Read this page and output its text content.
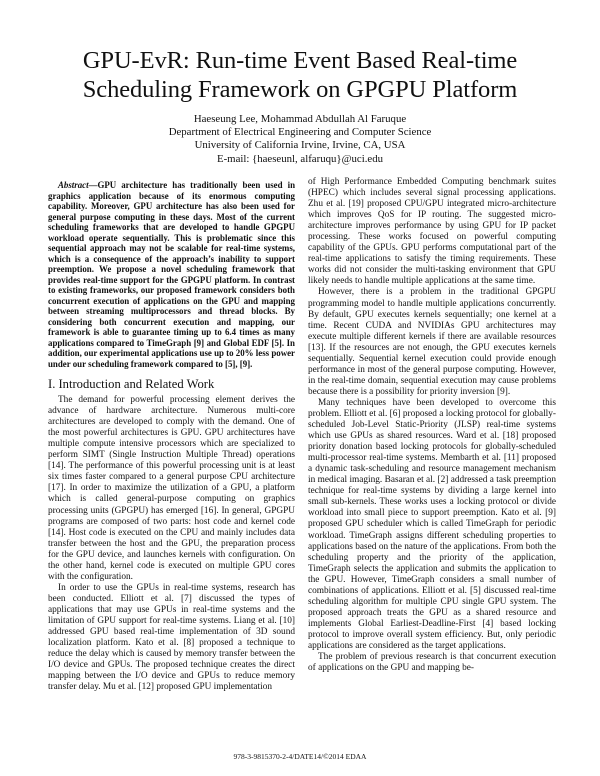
GPU-EvR: Run-time Event Based Real-time
Scheduling Framework on GPGPU Platform
Haeseung Lee, Mohammad Abdullah Al Faruque
Department of Electrical Engineering and Computer Science
University of California Irvine, Irvine, CA, USA
E-mail: {haeseunl, alfaruqu}@uci.edu

Abstract—GPU architecture has traditionally been used in graphics application because of its enormous computing capability. Moreover, GPU architecture has also been used for general purpose computing in these days. Most of the current scheduling frameworks that are developed to handle GPGPU workload operate sequentially. This is problematic since this sequential approach may not be scalable for real-time systems, which is a consequence of the approach’s inability to support preemption. We propose a novel scheduling framework that provides real-time support for the GPGPU platform. In contrast to existing frameworks, our proposed framework considers both concurrent execution of applications on the GPU and mapping between streaming multiprocessors and thread blocks. By considering both concurrent execution and mapping, our framework is able to guarantee timing up to 6.4 times as many applications compared to TimeGraph [9] and Global EDF [5]. In addition, our experimental applications use up to 20% less power under our scheduling framework compared to [5], [9].

I. Introduction and Related Work

The demand for powerful processing element derives the advance of hardware architecture. Numerous multi-core architectures are developed to comply with the demand. One of the most powerful architectures is GPU. GPU architectures have multiple compute intensive processors which are specialized to perform SIMT (Single Instruction Multiple Thread) operations [14]. The performance of this powerful processing unit is at least six times faster compared to a general purpose CPU architecture [17]. In order to maximize the utilization of a GPU, a platform which is called general-purpose computing on graphics processing units (GPGPU) has emerged [16]. In general, GPGPU programs are composed of two parts: host code and kernel code [14]. Host code is executed on the CPU and mainly includes data transfer between the host and the GPU, the preparation process for the GPU device, and launches kernels with configuration. On the other hand, kernel code is executed on multiple GPU cores with the configuration.

In order to use the GPUs in real-time systems, research has been conducted. Elliott et al. [7] discussed the types of applications that may use GPUs in real-time systems and the limitation of GPU support for real-time systems. Liang et al. [10] addressed GPU based real-time implementation of 3D sound localization platform. Kato et al. [8] proposed a technique to reduce the delay which is caused by memory transfer between the I/O device and GPUs. The proposed technique creates the direct mapping between the I/O device and GPUs to reduce memory transfer delay. Mu et al. [12] proposed GPU implementation

of High Performance Embedded Computing benchmark suites (HPEC) which includes several signal processing applications. Zhu et al. [19] proposed CPU/GPU integrated micro-architecture which improves QoS for IP routing. The suggested micro-architecture improves performance by using GPU for IP packet processing. These works focused on powerful computing capability of the GPUs. GPU performs computational part of the real-time applications to satisfy the timing requirements. These works did not consider the multi-tasking environment that GPU likely needs to handle multiple applications at the same time.

However, there is a problem in the traditional GPGPU programming model to handle multiple applications concurrently. By default, GPU executes kernels sequentially; one kernel at a time. Recent CUDA and NVIDIAs GPU architectures may execute multiple different kernels if there are available resources [13]. If the resources are not enough, the GPU executes kernels sequentially. Sequential kernel execution could provide enough performance in most of the general purpose computing. However, in the real-time domain, sequential execution may cause problems because there is a possibility for priority inversion [9].

Many techniques have been developed to overcome this problem. Elliott et al. [6] proposed a locking protocol for globally-scheduled Job-Level Static-Priority (JLSP) real-time systems which use GPUs as shared resources. Ward et al. [18] proposed priority donation based locking protocols for globally-scheduled multi-processor real-time systems. Membarth et al. [11] proposed a dynamic task-scheduling and resource management mechanism in medical imaging. Basaran et al. [2] addressed a task preemption technique for real-time systems by dividing a large kernel into small sub-kernels. These works uses a locking protocol or divide workload into small piece to support preemption. Kato et al. [9] proposed GPU scheduler which is called TimeGraph for periodic workload. TimeGraph assigns different scheduling properties to applications based on the nature of the applications. From both the scheduling property and the priority of the application, TimeGraph selects the application and submits the application to the GPU. However, TimeGraph considers a small number of combinations of applications. Elliott et al. [5] discussed real-time scheduling algorithm for multiple CPU single GPU system. The proposed approach treats the GPU as a shared resource and implements Global Earliest-Deadline-First [4] based locking protocol to improve overall system efficiency. But, only periodic applications are considered as the target applications.

The problem of previous research is that concurrent execution of applications on the GPU and mapping be-

978-3-9815370-2-4/DATE14/©2014 EDAA
